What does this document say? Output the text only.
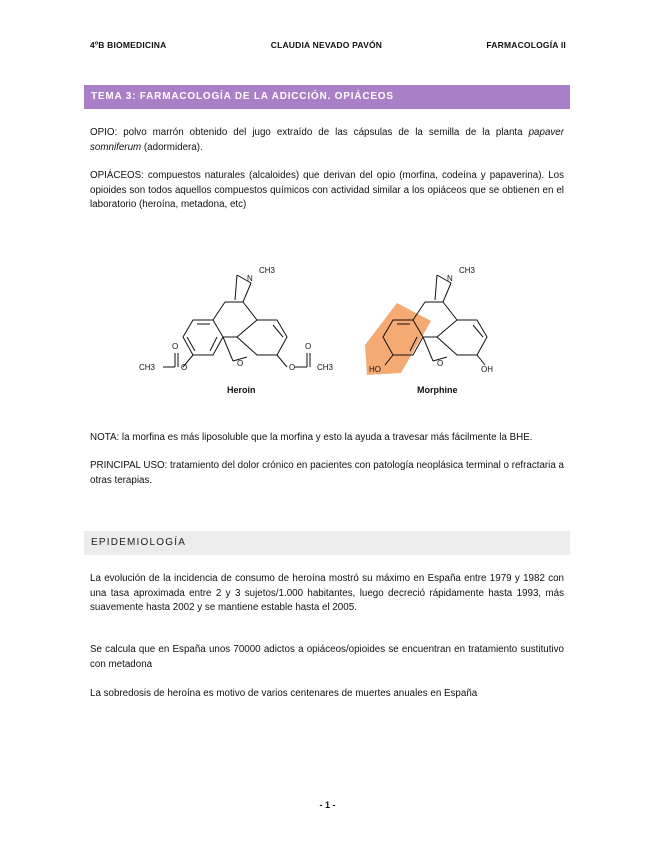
4ºB BIOMEDICINA	CLAUDIA NEVADO PAVÓN	FARMACOLOGÍA II
TEMA 3: FARMACOLOGÍA DE LA ADICCIÓN. OPIÁCEOS

OPIO: polvo marrón obtenido del jugo extraído de las cápsulas de la semilla de la planta papaver somniferum (adormidera).

OPIÁCEOS: compuestos naturales (alcaloides) que derivan del opio (morfina, codeína y papaverina). Los opioides son todos aquellos compuestos químicos con actividad similar a los opiáceos que se obtienen en el laboratorio (heroína, metadona, etc)

N
CH3
O
CH3
O
O	O
O
CH3
Heroin
N
CH3
O
HO	OH
Morphine

NOTA: la morfina es más liposoluble que la morfina y esto la ayuda a travesar más fácilmente la BHE.

PRINCIPAL USO: tratamiento del dolor crónico en pacientes con patología neoplásica terminal o refractaria a otras terapias.

EPIDEMIOLOGÍA

La evolución de la incidencia de consumo de heroína mostró su máximo en España entre 1979 y 1982 con una tasa aproximada entre 2 y 3 sujetos/1.000 habitantes, luego decreció rápidamente hasta 1993, más suavemente hasta 2002 y se mantiene estable hasta el 2005.

Se calcula que en España unos 70000 adictos a opiáceos/opioides se encuentran en tratamiento sustitutivo con metadona

La sobredosis de heroína es motivo de varios centenares de muertes anuales en España

- 1 -
